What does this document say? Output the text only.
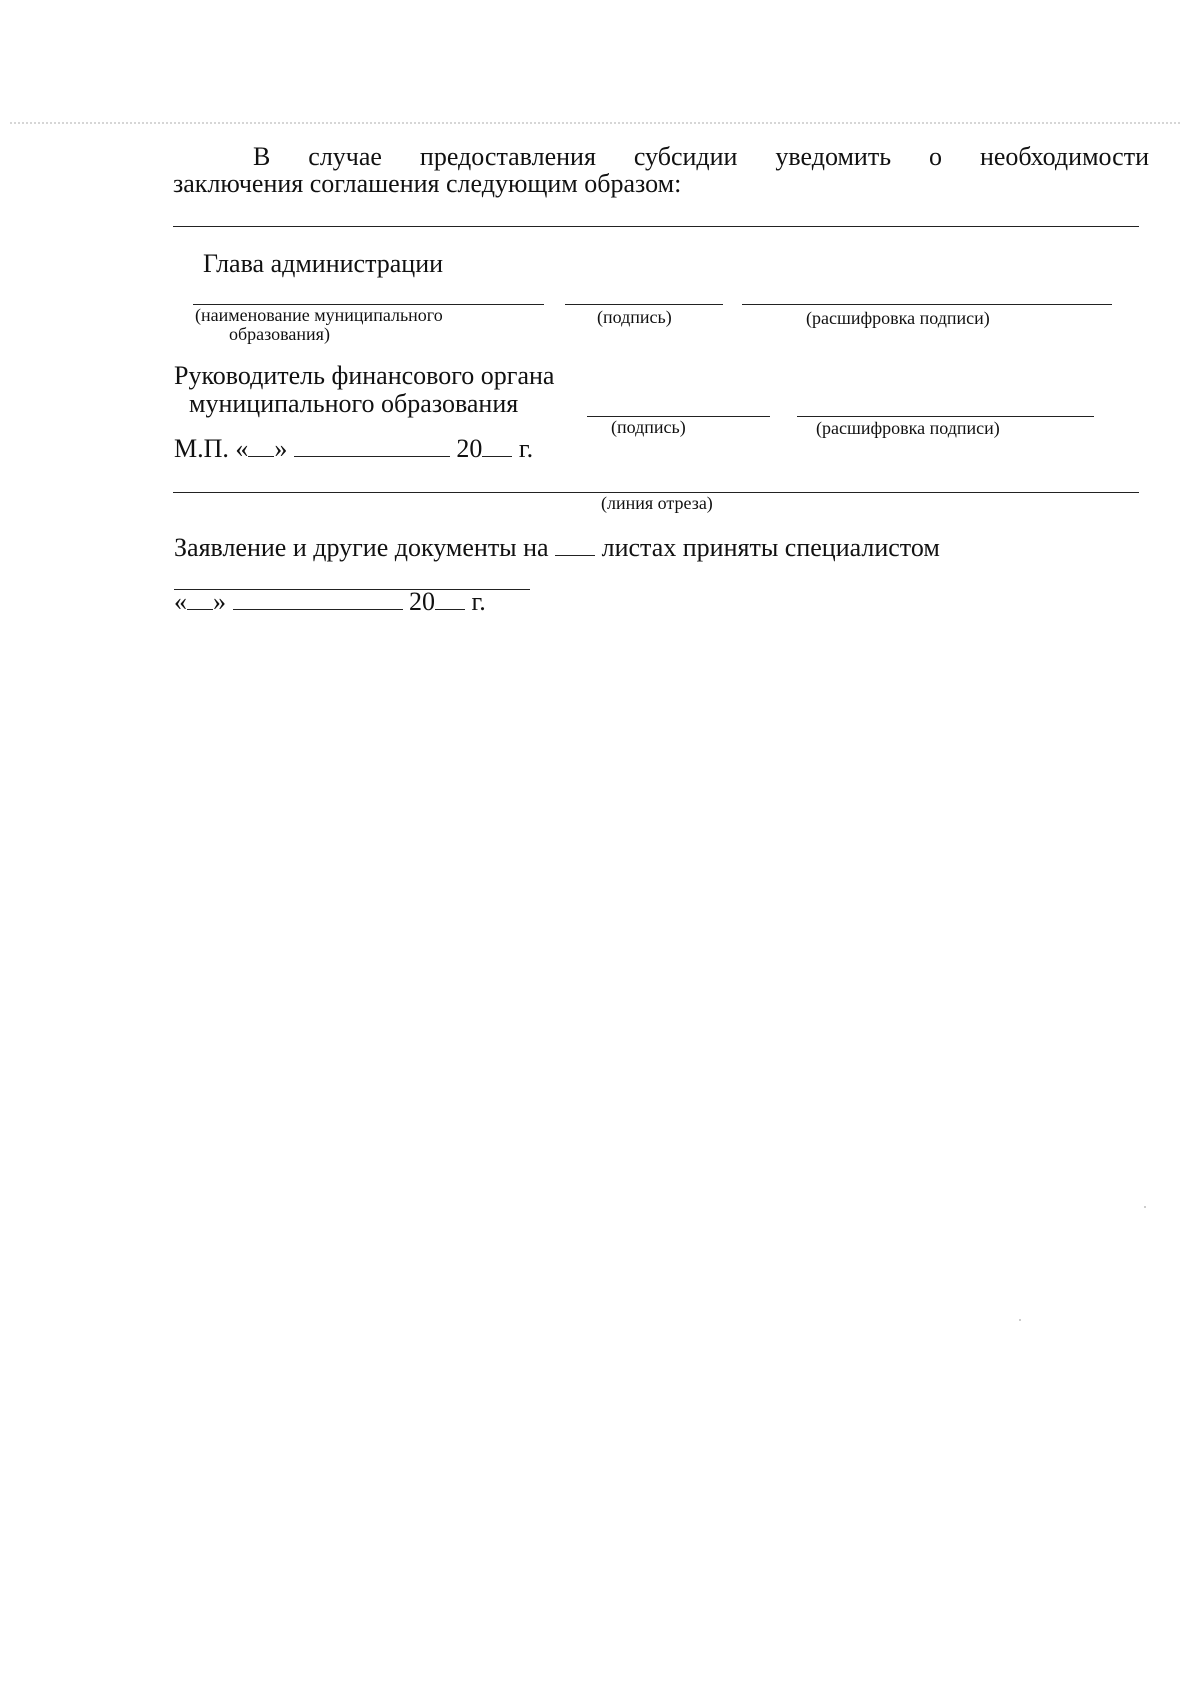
В случае предоставления субсидии уведомить о необходимости
заключения соглашения следующим образом:
Глава администрации
(наименование муниципального
образования)
(подпись)	(расшифровка подписи)
Руководитель финансового органа
муниципального образования
(подпись)	(расшифровка подписи)
М.П. « »	20 г.
(линия отреза)
Заявление и другие документы на листах приняты специалистом
« »	20 г.
